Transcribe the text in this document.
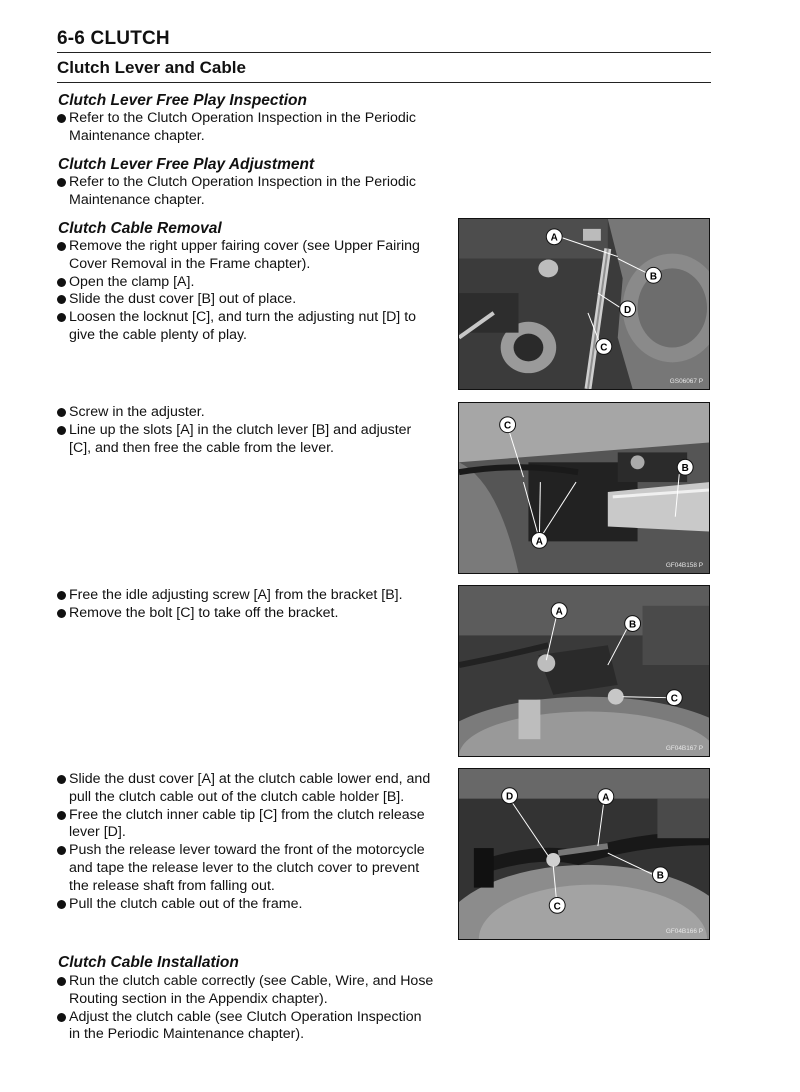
6-6 CLUTCH
Clutch Lever and Cable
Clutch Lever Free Play Inspection
Refer to the Clutch Operation Inspection in the Periodic
Maintenance chapter.
Clutch Lever Free Play Adjustment
Refer to the Clutch Operation Inspection in the Periodic
Maintenance chapter.
Clutch Cable Removal
Remove the right upper fairing cover (see Upper Fairing
Cover Removal in the Frame chapter).
Open the clamp [A].
Slide the dust cover [B] out of place.
Loosen the locknut [C], and turn the adjusting nut [D] to
give the cable plenty of play.
Screw in the adjuster.
Line up the slots [A] in the clutch lever [B] and adjuster
[C], and then free the cable from the lever.
Free the idle adjusting screw [A] from the bracket [B].
Remove the bolt [C] to take off the bracket.
Slide the dust cover [A] at the clutch cable lower end, and
pull the clutch cable out of the clutch cable holder [B].
Free the clutch inner cable tip [C] from the clutch release
lever [D].
Push the release lever toward the front of the motorcycle
and tape the release lever to the clutch cover to prevent
the release shaft from falling out.
Pull the clutch cable out of the frame.
Clutch Cable Installation
Run the clutch cable correctly (see Cable, Wire, and Hose
Routing section in the Appendix chapter).
Adjust the clutch cable (see Clutch Operation Inspection
in the Periodic Maintenance chapter).
A
B
C
D
GS06067 P
A
B
C
GF04B158 P
A
B
C
GF04B167 P
A
B
C
D
GF04B166 P
